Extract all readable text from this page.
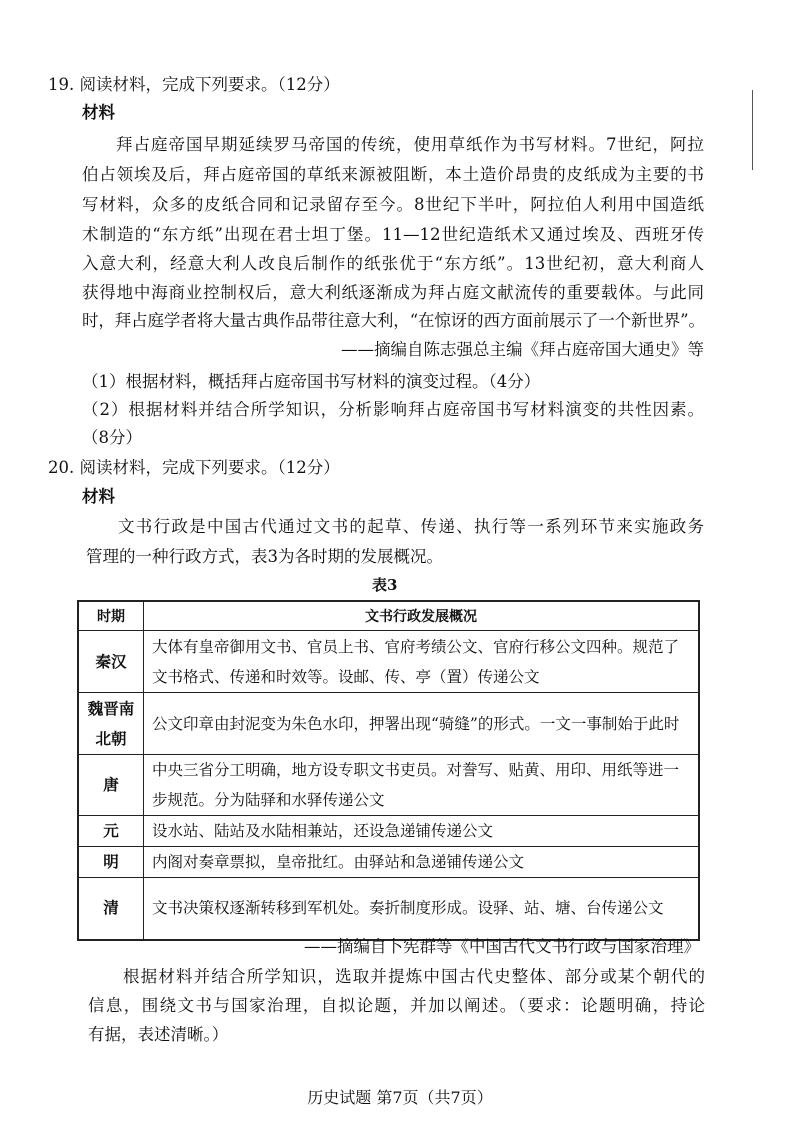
19. 阅读材料，完成下列要求。（12分）
材料
拜占庭帝国早期延续罗马帝国的传统，使用草纸作为书写材料。7世纪，阿拉
伯占领埃及后，拜占庭帝国的草纸来源被阻断，本土造价昂贵的皮纸成为主要的书
写材料，众多的皮纸合同和记录留存至今。8世纪下半叶，阿拉伯人利用中国造纸
术制造的“东方纸”出现在君士坦丁堡。11—12世纪造纸术又通过埃及、西班牙传
入意大利，经意大利人改良后制作的纸张优于“东方纸”。13世纪初，意大利商人
获得地中海商业控制权后，意大利纸逐渐成为拜占庭文献流传的重要载体。与此同
时，拜占庭学者将大量古典作品带往意大利，“在惊讶的西方面前展示了一个新世界”。
——摘编自陈志强总主编《拜占庭帝国大通史》等
（1）根据材料，概括拜占庭帝国书写材料的演变过程。（4分）
（2）根据材料并结合所学知识，分析影响拜占庭帝国书写材料演变的共性因素。
（8分）
20. 阅读材料，完成下列要求。（12分）
材料
文书行政是中国古代通过文书的起草、传递、执行等一系列环节来实施政务
管理的一种行政方式，表3为各时期的发展概况。
表3
时期	文书行政发展概况
秦汉	大体有皇帝御用文书、官员上书、官府考绩公文、官府行移公文四种。规范了文书格式、传递和时效等。设邮、传、亭（置）传递公文
魏晋南北朝	公文印章由封泥变为朱色水印，押署出现“骑缝”的形式。一文一事制始于此时
唐	中央三省分工明确，地方设专职文书吏员。对誊写、贴黄、用印、用纸等进一步规范。分为陆驿和水驿传递公文
元	设水站、陆站及水陆相兼站，还设急递铺传递公文
明	内阁对奏章票拟，皇帝批红。由驿站和急递铺传递公文
清	文书决策权逐渐转移到军机处。奏折制度形成。设驿、站、塘、台传递公文
——摘编自卜宪群等《中国古代文书行政与国家治理》
根据材料并结合所学知识，选取并提炼中国古代史整体、部分或某个朝代的
信息，围绕文书与国家治理，自拟论题，并加以阐述。（要求：论题明确，持论
有据，表述清晰。）
历史试题 第7页（共7页）
